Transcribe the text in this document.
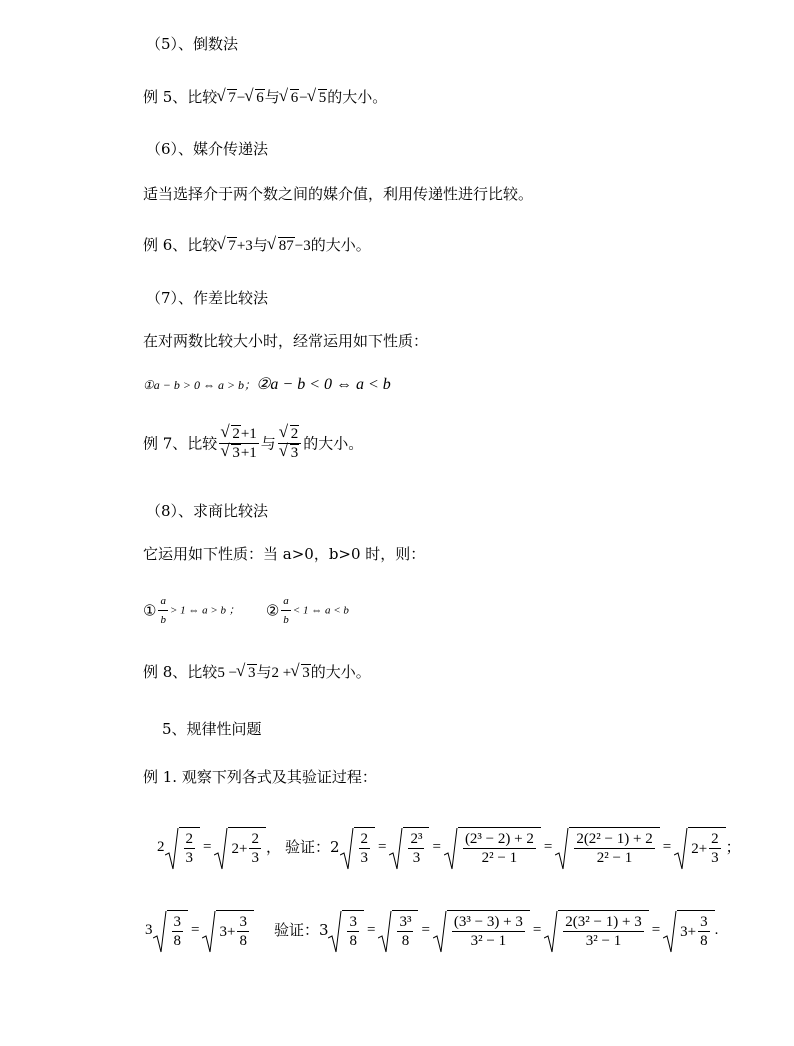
（5）、倒数法
例 5、比较 √ 7− √ 6与 √ 6− √ 5的大小。
（6）、媒介传递法
适当选择介于两个数之间的媒介值，利用传递性进行比较。
例 6、比较 √ 7+3与 √ 87−3的大小。
（7）、作差比较法
在对两数比较大小时，经常运用如下性质：
①a − b > 0 ⇔ a > b；②a − b < 0 ⇔ a < b
例 7、比较 √ 2+1
√ 3+1 与 √ 2
√ 3 的大小。
（8）、求商比较法
它运用如下性质：当 a>0，b>0 时，则：
① $\frac{a}{b} > 1$ ⇔ a > b ； ② $\frac{a}{b} < 1$ ⇔ a < b
例 8、比较5 − √ 3与2 + √ 3的大小。
5、规律性问题
例 1. 观察下列各式及其验证过程：
2 2
3
= $2+ \frac{2}{3}$ ， 验证：2 2
3
= 2³
3
= (2³ − 2) + 2
2² − 1
= 2(2² − 1) + 2
2² − 1
= $2+ \frac{2}{3}$ ；
3 3
8
= $3+ \frac{3}{8}$ 验证：3 3
8
= 3³
8
= (3³ − 3) + 3
3² − 1
= 2(3² − 1) + 3
3² − 1
= $3+ \frac{3}{8}$ .
